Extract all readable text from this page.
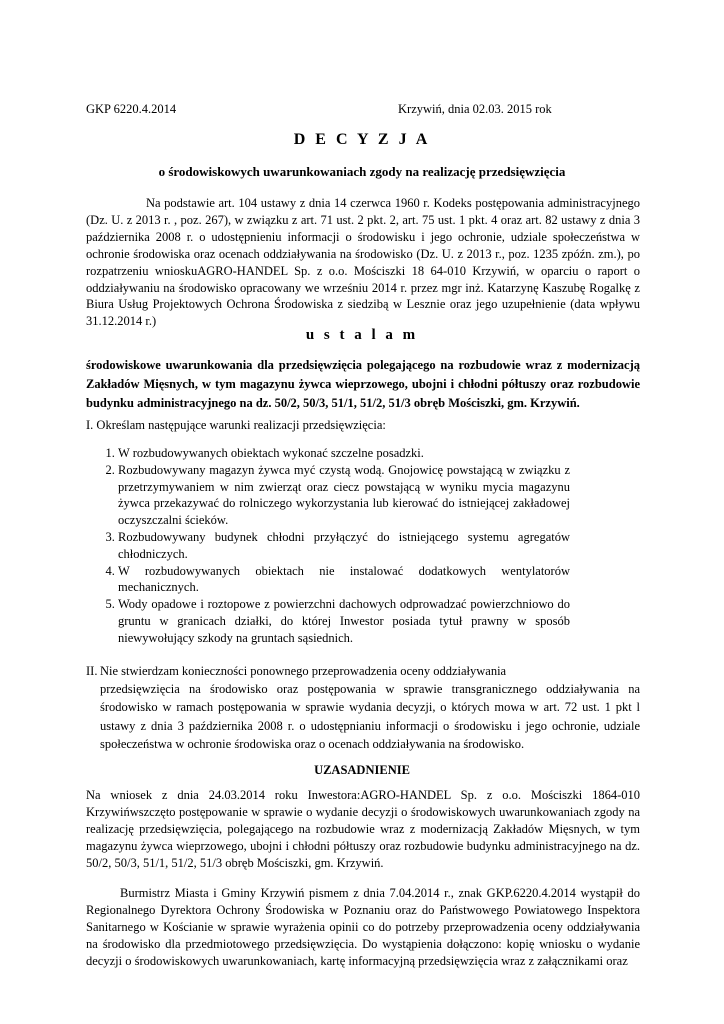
GKP 6220.4.2014	Krzywiń, dnia 02.03. 2015 rok
D E C Y Z J A
o środowiskowych uwarunkowaniach zgody na realizację przedsięwzięcia

Na podstawie art. 104 ustawy z dnia 14 czerwca 1960 r. Kodeks postępowania administracyjnego (Dz. U. z 2013 r. , poz. 267), w związku z art. 71 ust. 2 pkt. 2, art. 75 ust. 1 pkt. 4 oraz art. 82 ustawy z dnia 3 października 2008 r. o udostępnieniu informacji o środowisku i jego ochronie, udziale społeczeństwa w ochronie środowiska oraz ocenach oddziaływania na środowisko (Dz. U. z 2013 r., poz. 1235 zpóźn. zm.), po rozpatrzeniu wnioskuAGRO-HANDEL Sp. z o.o. Mościszki 18 64-010 Krzywiń, w oparciu o raport o oddziaływaniu na środowisko opracowany we wrześniu 2014 r. przez mgr inż. Katarzynę Kaszubę Rogalkę z Biura Usług Projektowych Ochrona Środowiska z siedzibą w Lesznie oraz jego uzupełnienie (data wpływu 31.12.2014 r.)

u s t a l a m
środowiskowe uwarunkowania dla przedsięwzięcia polegającego na rozbudowie wraz z modernizacją Zakładów Mięsnych, w tym magazynu żywca wieprzowego, ubojni i chłodni półtuszy oraz rozbudowie budynku administracyjnego na dz. 50/2, 50/3, 51/1, 51/2, 51/3 obręb Mościszki, gm. Krzywiń.
I. Określam następujące warunki realizacji przedsięwzięcia:
1. W rozbudowywanych obiektach wykonać szczelne posadzki.
2. Rozbudowywany magazyn żywca myć czystą wodą. Gnojowicę powstającą w związku z przetrzymywaniem w nim zwierząt oraz ciecz powstającą w wyniku mycia magazynu żywca przekazywać do rolniczego wykorzystania lub kierować do istniejącej zakładowej oczyszczalni ścieków.
3. Rozbudowywany budynek chłodni przyłączyć do istniejącego systemu agregatów chłodniczych.
4. W rozbudowywanych obiektach nie instalować dodatkowych wentylatorów mechanicznych.
5. Wody opadowe i roztopowe z powierzchni dachowych odprowadzać powierzchniowo do gruntu w granicach działki, do której Inwestor posiada tytuł prawny w sposób niewywołujący szkody na gruntach sąsiednich.
II. Nie stwierdzam konieczności ponownego przeprowadzenia oceny oddziaływania
przedsięwzięcia na środowisko oraz postępowania w sprawie transgranicznego oddziaływania na środowisko w ramach postępowania w sprawie wydania decyzji, o których mowa w art. 72 ust. 1 pkt l ustawy z dnia 3 października 2008 r. o udostępnianiu informacji o środowisku i jego ochronie, udziale społeczeństwa w ochronie środowiska oraz o ocenach oddziaływania na środowisko.
UZASADNIENIE

Na wniosek z dnia 24.03.2014 roku Inwestora:AGRO-HANDEL Sp. z o.o. Mościszki 1864-010 Krzywińwszczęto postępowanie w sprawie o wydanie decyzji o środowiskowych uwarunkowaniach zgody na realizację przedsięwzięcia, polegającego na rozbudowie wraz z modernizacją Zakładów Mięsnych, w tym magazynu żywca wieprzowego, ubojni i chłodni półtuszy oraz rozbudowie budynku administracyjnego na dz. 50/2, 50/3, 51/1, 51/2, 51/3 obręb Mościszki, gm. Krzywiń.

Burmistrz Miasta i Gminy Krzywiń pismem z dnia 7.04.2014 r., znak GKP.6220.4.2014 wystąpił do Regionalnego Dyrektora Ochrony Środowiska w Poznaniu oraz do Państwowego Powiatowego Inspektora Sanitarnego w Kościanie w sprawie wyrażenia opinii co do potrzeby przeprowadzenia oceny oddziaływania na środowisko dla przedmiotowego przedsięwzięcia. Do wystąpienia dołączono: kopię wniosku o wydanie decyzji o środowiskowych uwarunkowaniach, kartę informacyjną przedsięwzięcia wraz z załącznikami oraz
